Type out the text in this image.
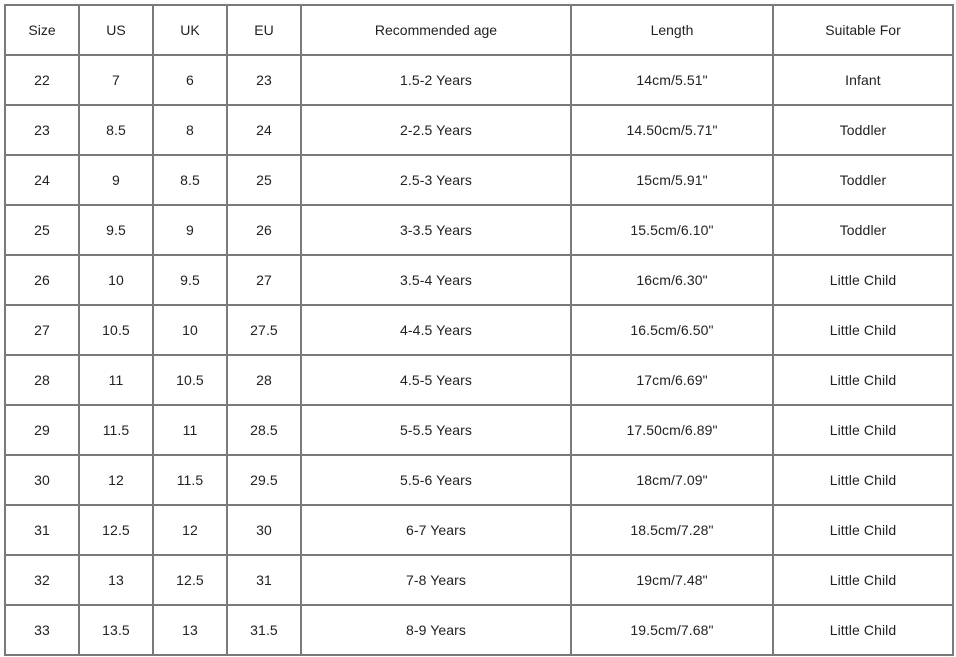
Size	US	UK	EU	Recommended age	Length	Suitable For
22	7	6	23	1.5-2 Years	14cm/5.51"	Infant
23	8.5	8	24	2-2.5 Years	14.50cm/5.71"	Toddler
24	9	8.5	25	2.5-3 Years	15cm/5.91"	Toddler
25	9.5	9	26	3-3.5 Years	15.5cm/6.10"	Toddler
26	10	9.5	27	3.5-4 Years	16cm/6.30"	Little Child
27	10.5	10	27.5	4-4.5 Years	16.5cm/6.50"	Little Child
28	11	10.5	28	4.5-5 Years	17cm/6.69"	Little Child
29	11.5	11	28.5	5-5.5 Years	17.50cm/6.89"	Little Child
30	12	11.5	29.5	5.5-6 Years	18cm/7.09"	Little Child
31	12.5	12	30	6-7 Years	18.5cm/7.28"	Little Child
32	13	12.5	31	7-8 Years	19cm/7.48"	Little Child
33	13.5	13	31.5	8-9 Years	19.5cm/7.68"	Little Child
